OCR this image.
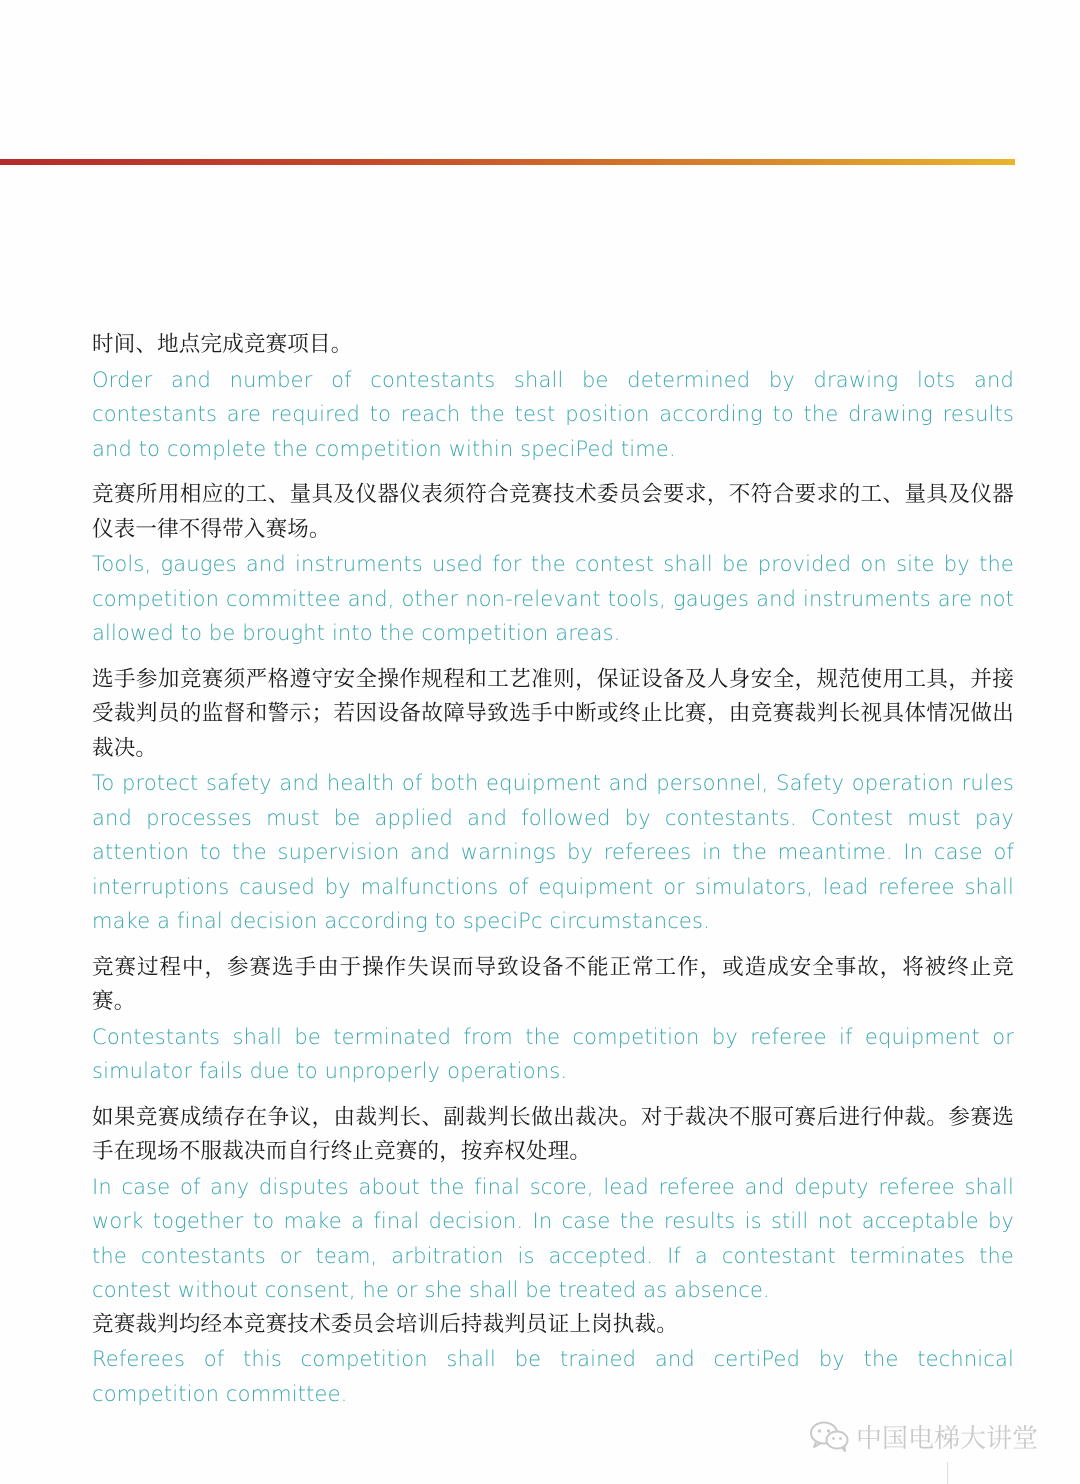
时间、地点完成竞赛项目。

Order and number of contestants shall be determined by drawing lots and contestants are required to reach the test position according to the drawing results and to complete the competition within speciPed time.

竞赛所用相应的工、量具及仪器仪表须符合竞赛技术委员会要求，不符合要求的工、量具及仪器仪表一律不得带入赛场。

Tools, gauges and instruments used for the contest shall be provided on site by the competition committee and, other non-relevant tools, gauges and instruments are not allowed to be brought into the competition areas.

选手参加竞赛须严格遵守安全操作规程和工艺准则，保证设备及人身安全，规范使用工具，并接受裁判员的监督和警示；若因设备故障导致选手中断或终止比赛，由竞赛裁判长视具体情况做出裁决。

To protect safety and health of both equipment and personnel, Safety operation rules and processes must be applied and followed by contestants. Contest must pay attention to the supervision and warnings by referees in the meantime. In case of interruptions caused by malfunctions of equipment or simulators, lead referee shall make a final decision according to speciPc circumstances.

竞赛过程中，参赛选手由于操作失误而导致设备不能正常工作，或造成安全事故，将被终止竞赛。

Contestants shall be terminated from the competition by referee if equipment or simulator fails due to unproperly operations.

如果竞赛成绩存在争议，由裁判长、副裁判长做出裁决。对于裁决不服可赛后进行仲裁。参赛选手在现场不服裁决而自行终止竞赛的，按弃权处理。

In case of any disputes about the final score, lead referee and deputy referee shall work together to make a final decision. In case the results is still not acceptable by the contestants or team, arbitration is accepted. If a contestant terminates the contest without consent, he or she shall be treated as absence.

竞赛裁判均经本竞赛技术委员会培训后持裁判员证上岗执裁。

Referees of this competition shall be trained and certiPed by the technical competition committee.

中国电梯大讲堂
